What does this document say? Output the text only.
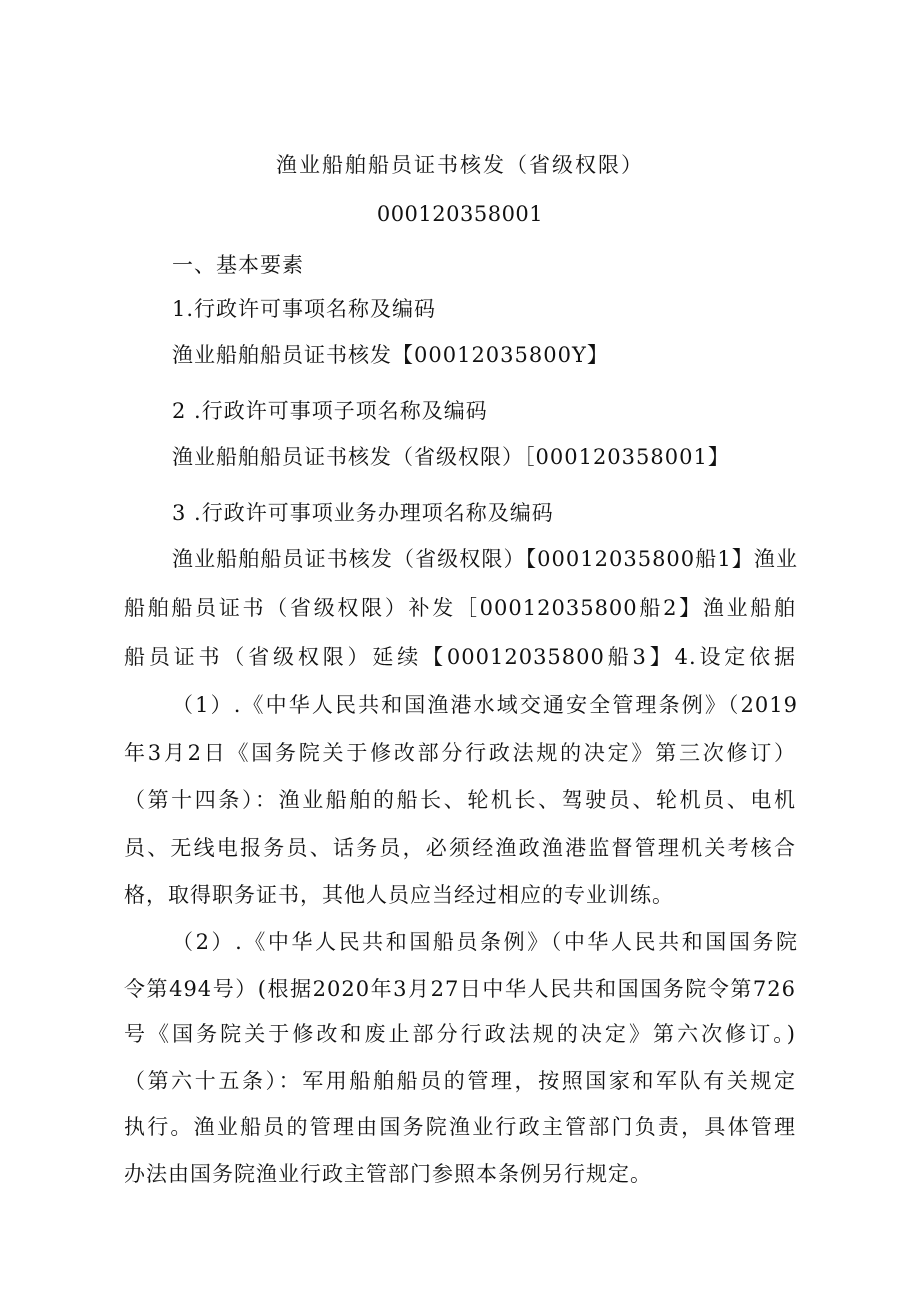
渔业船舶船员证书核发（省级权限）
000120358001
一、基本要素
1.行政许可事项名称及编码
渔业船舶船员证书核发【00012035800Y】
2 .行政许可事项子项名称及编码
渔业船舶船员证书核发（省级权限）［000120358001】
3 .行政许可事项业务办理项名称及编码
渔业船舶船员证书核发（省级权限）【00012035800船1】渔业
船舶船员证书（省级权限）补发［00012035800船2】渔业船舶
船员证书（省级权限）延续【00012035800船3】4.设定依据
（1）.《中华人民共和国渔港水域交通安全管理条例》（2019
年3月2日《国务院关于修改部分行政法规的决定》第三次修订）
（第十四条）：渔业船舶的船长、轮机长、驾驶员、轮机员、电机
员、无线电报务员、话务员，必须经渔政渔港监督管理机关考核合
格，取得职务证书，其他人员应当经过相应的专业训练。
（2）.《中华人民共和国船员条例》（中华人民共和国国务院
令第494号）(根据2020年3月27日中华人民共和国国务院令第726
号《国务院关于修改和废止部分行政法规的决定》第六次修订。)
（第六十五条）：军用船舶船员的管理，按照国家和军队有关规定
执行。渔业船员的管理由国务院渔业行政主管部门负责，具体管理
办法由国务院渔业行政主管部门参照本条例另行规定。
